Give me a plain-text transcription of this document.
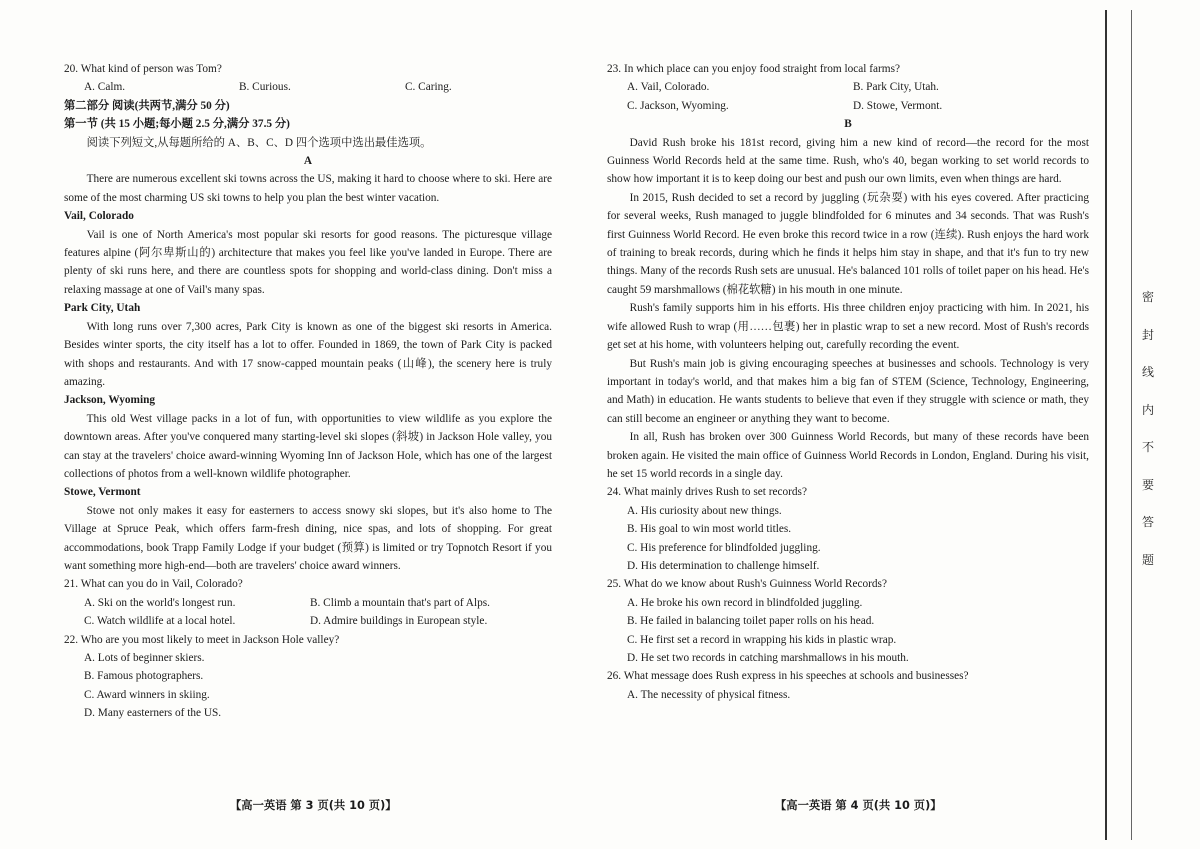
20. What kind of person was Tom?

A. Calm.	B. Curious.	C. Caring.

第二部分 阅读(共两节,满分 50 分)

第一节 (共 15 小题;每小题 2.5 分,满分 37.5 分)

阅读下列短文,从每题所给的 A、B、C、D 四个选项中选出最佳选项。

A

There are numerous excellent ski towns across the US, making it hard to choose where to ski. Here are some of the most charming US ski towns to help you plan the best winter vacation.

Vail, Colorado

Vail is one of North America's most popular ski resorts for good reasons. The picturesque village features alpine (阿尔卑斯山的) architecture that makes you feel like you've landed in Europe. There are plenty of ski runs here, and there are countless spots for shopping and world-class dining. Don't miss a relaxing massage at one of Vail's many spas.

Park City, Utah

With long runs over 7,300 acres, Park City is known as one of the biggest ski resorts in America. Besides winter sports, the city itself has a lot to offer. Founded in 1869, the town of Park City is packed with shops and restaurants. And with 17 snow-capped mountain peaks (山峰), the scenery here is truly amazing.

Jackson, Wyoming

This old West village packs in a lot of fun, with opportunities to view wildlife as you explore the downtown areas. After you've conquered many starting-level ski slopes (斜坡) in Jackson Hole valley, you can stay at the travelers' choice award-winning Wyoming Inn of Jackson Hole, which has one of the largest collections of photos from a well-known wildlife photographer.

Stowe, Vermont

Stowe not only makes it easy for easterners to access snowy ski slopes, but it's also home to The Village at Spruce Peak, which offers farm-fresh dining, nice spas, and lots of shopping. For great accommodations, book Trapp Family Lodge if your budget (预算) is limited or try Topnotch Resort if you want something more high-end—both are travelers' choice award winners.

21. What can you do in Vail, Colorado?

A. Ski on the world's longest run.	B. Climb a mountain that's part of Alps.
C. Watch wildlife at a local hotel.	D. Admire buildings in European style.

22. Who are you most likely to meet in Jackson Hole valley?

A. Lots of beginner skiers.

B. Famous photographers.

C. Award winners in skiing.

D. Many easterners of the US.

23. In which place can you enjoy food straight from local farms?

A. Vail, Colorado.	B. Park City, Utah.
C. Jackson, Wyoming.	D. Stowe, Vermont.

B

David Rush broke his 181st record, giving him a new kind of record—the record for the most Guinness World Records held at the same time. Rush, who's 40, began working to set world records to show how important it is to keep doing our best and push our own limits, even when things are hard.

In 2015, Rush decided to set a record by juggling (玩杂耍) with his eyes covered. After practicing for several weeks, Rush managed to juggle blindfolded for 6 minutes and 34 seconds. That was Rush's first Guinness World Record. He even broke this record twice in a row (连续). Rush enjoys the hard work of training to break records, during which he finds it helps him stay in shape, and that it's fun to try new things. Many of the records Rush sets are unusual. He's balanced 101 rolls of toilet paper on his head. He's caught 59 marshmallows (棉花软糖) in his mouth in one minute.

Rush's family supports him in his efforts. His three children enjoy practicing with him. In 2021, his wife allowed Rush to wrap (用……包裹) her in plastic wrap to set a new record. Most of Rush's records get set at his home, with volunteers helping out, carefully recording the event.

But Rush's main job is giving encouraging speeches at businesses and schools. Technology is very important in today's world, and that makes him a big fan of STEM (Science, Technology, Engineering, and Math) in education. He wants students to believe that even if they struggle with science or math, they can still become an engineer or anything they want to become.

In all, Rush has broken over 300 Guinness World Records, but many of these records have been broken again. He visited the main office of Guinness World Records in London, England. During his visit, he set 15 world records in a single day.

24. What mainly drives Rush to set records?

A. His curiosity about new things.

B. His goal to win most world titles.

C. His preference for blindfolded juggling.

D. His determination to challenge himself.

25. What do we know about Rush's Guinness World Records?

A. He broke his own record in blindfolded juggling.

B. He failed in balancing toilet paper rolls on his head.

C. He first set a record in wrapping his kids in plastic wrap.

D. He set two records in catching marshmallows in his mouth.

26. What message does Rush express in his speeches at schools and businesses?

A. The necessity of physical fitness.

【高一英语 第 3 页(共 10 页)】	【高一英语 第 4 页(共 10 页)】
密
封
线
内
不
要
答
题
